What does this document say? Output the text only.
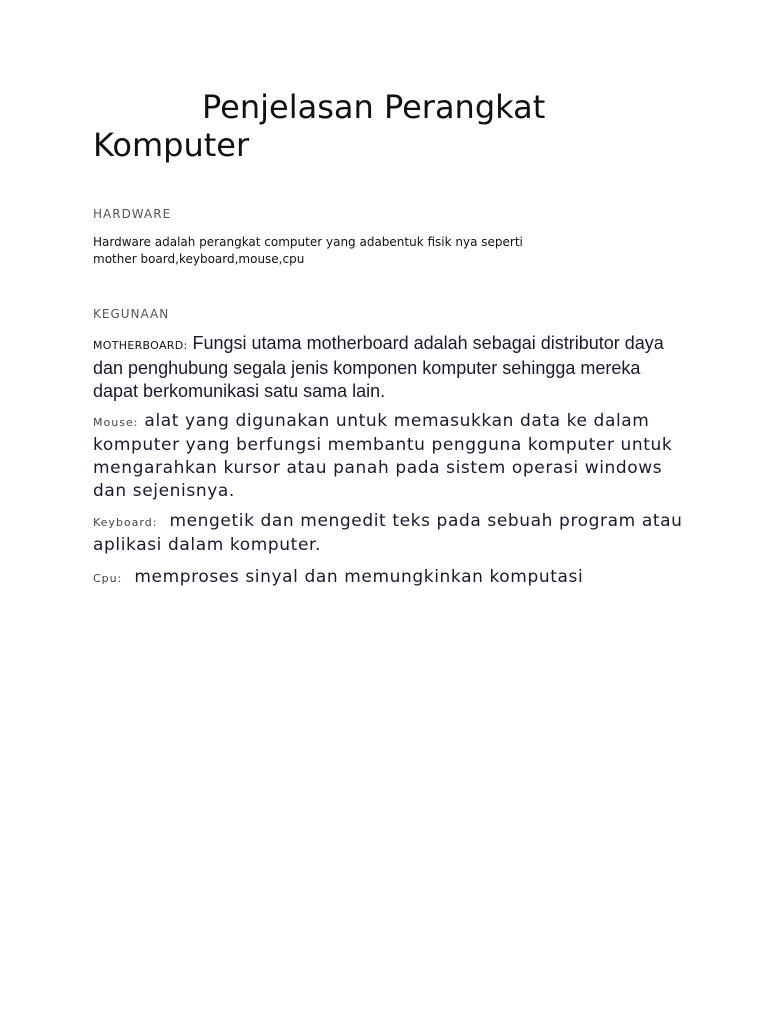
Penjelasan Perangkat Komputer
HARDWARE

Hardware adalah perangkat computer yang adabentuk fisik nya seperti mother board,keyboard,mouse,cpu

KEGUNAAN

MOTHERBOARD: Fungsi utama motherboard adalah sebagai distributor daya dan penghubung segala jenis komponen komputer sehingga mereka dapat berkomunikasi satu sama lain.

Mouse: alat yang digunakan untuk memasukkan data ke dalam komputer yang berfungsi membantu pengguna komputer untuk mengarahkan kursor atau panah pada sistem operasi windows dan sejenisnya.

Keyboard: mengetik dan mengedit teks pada sebuah program atau aplikasi dalam komputer.

Cpu: memproses sinyal dan memungkinkan komputasi
